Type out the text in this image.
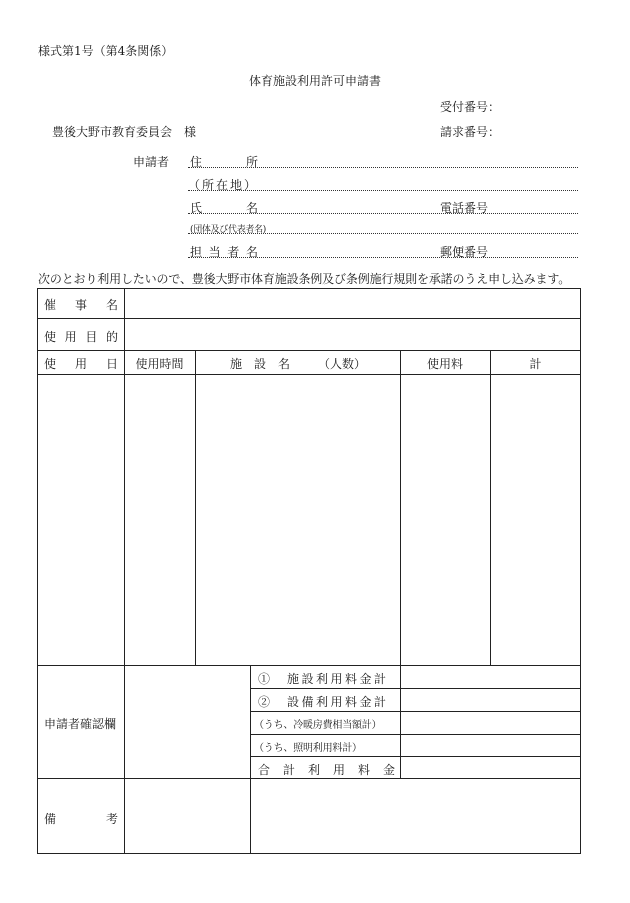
様式第1号（第4条関係）
体育施設利用許可申請書
受付番号：
請求番号：
豊後大野市教育委員会　様
申請者 住	所
（所在地）
氏	名	電話番号
(団体及び代表者名)
担 当 者 名	郵便番号
次のとおり利用したいので、豊後大野市体育施設条例及び条例施行規則を承諾のうえ申し込みます。
催 事 名
使 用 目 的
使 用 日	使用時間	施 設 名 （人数）	使用料	計
申請者確認欄
①　施設利用料金計
②　設備利用料金計
（うち、冷暖房費相当額計）
（うち、照明利用料計）
合計利用料金
備	考
